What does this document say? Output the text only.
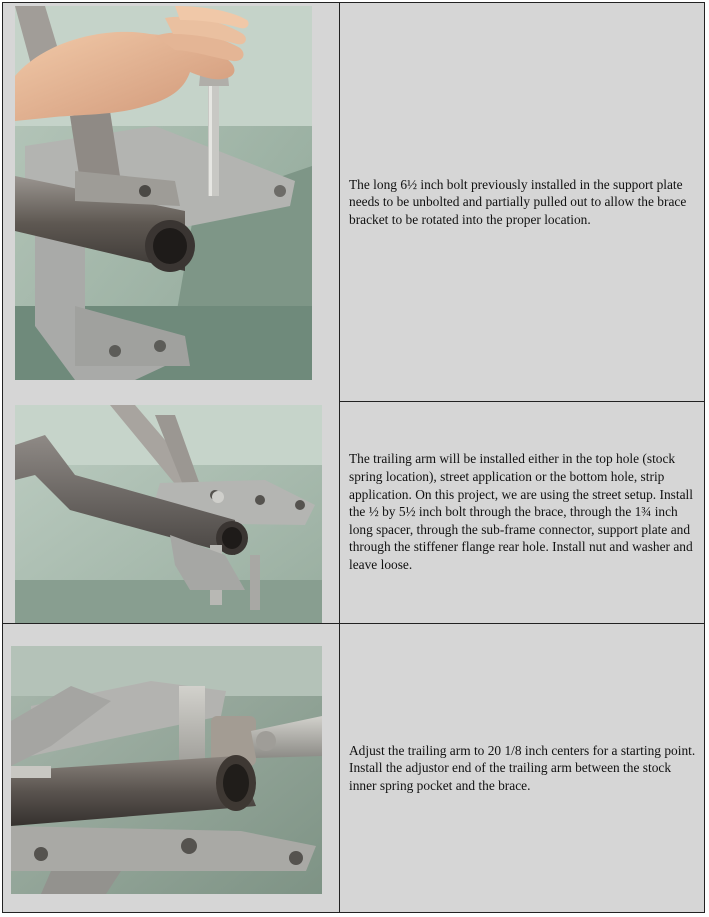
The long 6½ inch bolt previously installed in the support plate needs to be unbolted and partially pulled out to allow the brace bracket to be rotated into the proper location.

The trailing arm will be installed either in the top hole (stock spring location), street application or the bottom hole, strip application. On this project, we are using the street setup. Install the ½ by 5½ inch bolt through the brace, through the 1¾ inch long spacer, through the sub-frame connector, support plate and through the stiffener flange rear hole. Install nut and washer and leave loose.

Adjust the trailing arm to 20 1/8 inch centers for a starting point. Install the adjustor end of the trailing arm between the stock inner spring pocket and the brace.
